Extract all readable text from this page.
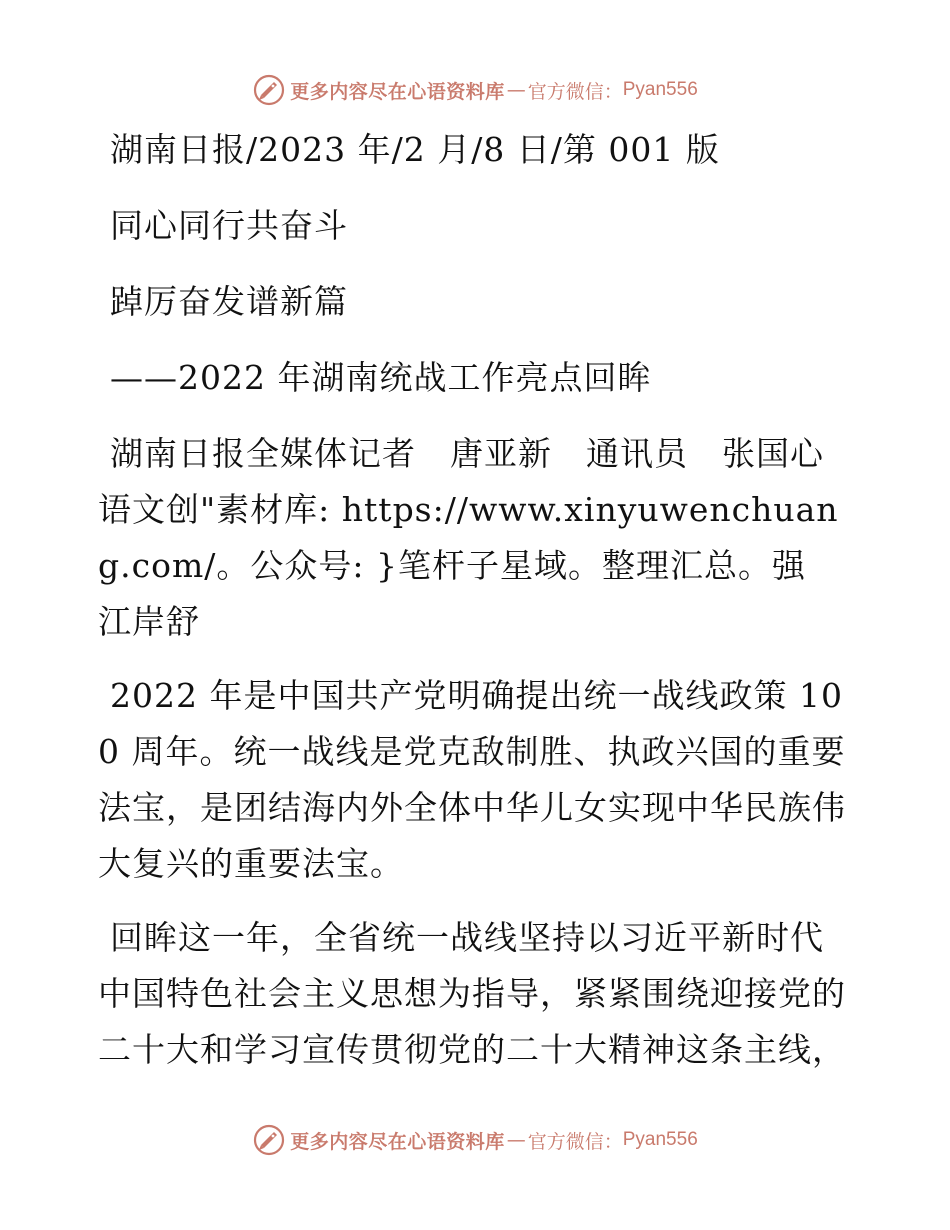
更多内容尽在心语资料库 — 官方微信： Pyan556

湖南日报/2023 年/2 月/8 日/第 001 版

同心同行共奋斗

踔厉奋发谱新篇

——2022 年湖南统战工作亮点回眸

湖南日报全媒体记者　唐亚新　通讯员　张国心语文创"素材库: https://www.xinyuwenchuang.com/。公众号: }笔杆子星域。整理汇总。强　江岸舒

2022 年是中国共产党明确提出统一战线政策 100 周年。统一战线是党克敌制胜、执政兴国的重要法宝，是团结海内外全体中华儿女实现中华民族伟大复兴的重要法宝。

回眸这一年，全省统一战线坚持以习近平新时代中国特色社会主义思想为指导，紧紧围绕迎接党的二十大和学习宣传贯彻党的二十大精神这条主线，

更多内容尽在心语资料库 — 官方微信： Pyan556
